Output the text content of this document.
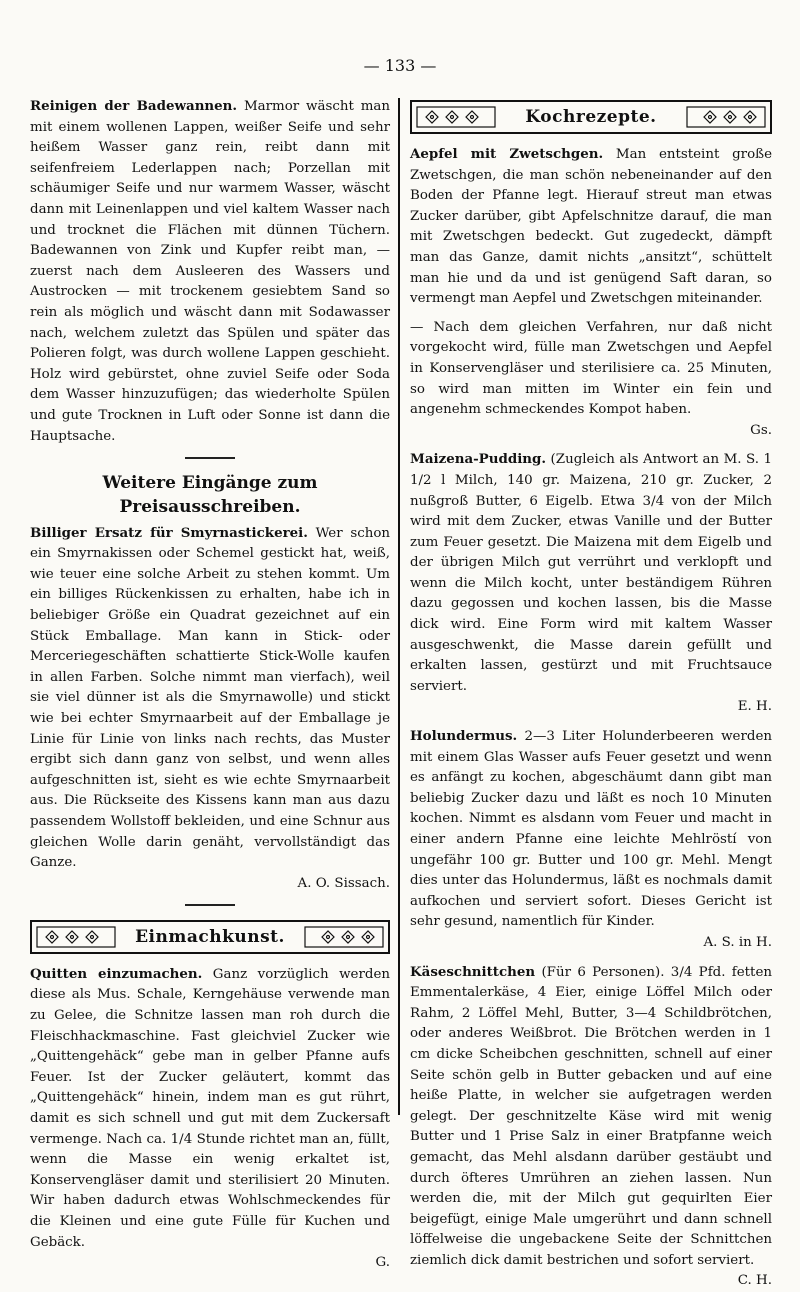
— 133 —

Reinigen der Badewannen. Marmor wäscht man mit einem wollenen Lappen, weißer Seife und sehr heißem Wasser ganz rein, reibt dann mit seifenfreiem Lederlappen nach; Porzellan mit schäumiger Seife und nur warmem Wasser, wäscht dann mit Leinenlappen und viel kaltem Wasser nach und trocknet die Flächen mit dünnen Tüchern. Badewannen von Zink und Kupfer reibt man, — zuerst nach dem Ausleeren des Wassers und Austrocken — mit trockenem gesiebtem Sand so rein als möglich und wäscht dann mit Sodawasser nach, welchem zuletzt das Spülen und später das Polieren folgt, was durch wollene Lappen geschieht. Holz wird gebürstet, ohne zuviel Seife oder Soda dem Wasser hinzuzufügen; das wiederholte Spülen und gute Trocknen in Luft oder Sonne ist dann die Hauptsache.

Weitere Eingänge zum Preisausschreiben.

Billiger Ersatz für Smyrnastickerei. Wer schon ein Smyrnakissen oder Schemel gestickt hat, weiß, wie teuer eine solche Arbeit zu stehen kommt. Um ein billiges Rückenkissen zu erhalten, habe ich in beliebiger Größe ein Quadrat gezeichnet auf ein Stück Emballage. Man kann in Stick- oder Merceriegeschäften schattierte Stick-Wolle kaufen in allen Farben. Solche nimmt man vierfach), weil sie viel dünner ist als die Smyrnawolle) und stickt wie bei echter Smyrnaarbeit auf der Emballage je Linie für Linie von links nach rechts, das Muster ergibt sich dann ganz von selbst, und wenn alles aufgeschnitten ist, sieht es wie echte Smyrnaarbeit aus. Die Rückseite des Kissens kann man aus dazu passendem Wollstoff bekleiden, und eine Schnur aus gleichen Wolle darin genäht, vervollständigt das Ganze.

A. O. Sissach.

Einmachkunst.

Quitten einzumachen. Ganz vorzüglich werden diese als Mus. Schale, Kerngehäuse verwende man zu Gelee, die Schnitze lassen man roh durch die Fleischhackmaschine. Fast gleichviel Zucker wie „Quittengehäck“ gebe man in gelber Pfanne aufs Feuer. Ist der Zucker geläutert, kommt das „Quittengehäck“ hinein, indem man es gut rührt, damit es sich schnell und gut mit dem Zuckersaft vermenge. Nach ca. 1/4 Stunde richtet man an, füllt, wenn die Masse ein wenig erkaltet ist, Konservengläser damit und sterilisiert 20 Minuten. Wir haben dadurch etwas Wohlschmeckendes für die Kleinen und eine gute Fülle für Kuchen und Gebäck.

G.

Kochrezepte.

Aepfel mit Zwetschgen. Man entsteint große Zwetschgen, die man schön nebeneinander auf den Boden der Pfanne legt. Hierauf streut man etwas Zucker darüber, gibt Apfelschnitze darauf, die man mit Zwetschgen bedeckt. Gut zugedeckt, dämpft man das Ganze, damit nichts „ansitzt“, schüttelt man hie und da und ist genügend Saft daran, so vermengt man Aepfel und Zwetschgen miteinander.

— Nach dem gleichen Verfahren, nur daß nicht vorgekocht wird, fülle man Zwetschgen und Aepfel in Konservengläser und sterilisiere ca. 25 Minuten, so wird man mitten im Winter ein fein und angenehm schmeckendes Kompot haben.

Gs.

Maizena-Pudding. (Zugleich als Antwort an M. S. 1 1/2 l Milch, 140 gr. Maizena, 210 gr. Zucker, 2 nußgroß Butter, 6 Eigelb. Etwa 3/4 von der Milch wird mit dem Zucker, etwas Vanille und der Butter zum Feuer gesetzt. Die Maizena mit dem Eigelb und der übrigen Milch gut verrührt und verklopft und wenn die Milch kocht, unter beständigem Rühren dazu gegossen und kochen lassen, bis die Masse dick wird. Eine Form wird mit kaltem Wasser ausgeschwenkt, die Masse darein gefüllt und erkalten lassen, gestürzt und mit Fruchtsauce serviert.

E. H.

Holundermus. 2—3 Liter Holunderbeeren werden mit einem Glas Wasser aufs Feuer gesetzt und wenn es anfängt zu kochen, abgeschäumt dann gibt man beliebig Zucker dazu und läßt es noch 10 Minuten kochen. Nimmt es alsdann vom Feuer und macht in einer andern Pfanne eine leichte Mehlröstí von ungefähr 100 gr. Butter und 100 gr. Mehl. Mengt dies unter das Holundermus, läßt es nochmals damit aufkochen und serviert sofort. Dieses Gericht ist sehr gesund, namentlich für Kinder.

A. S. in H.

Käseschnittchen (Für 6 Personen). 3/4 Pfd. fetten Emmentalerkäse, 4 Eier, einige Löffel Milch oder Rahm, 2 Löffel Mehl, Butter, 3—4 Schildbrötchen, oder anderes Weißbrot. Die Brötchen werden in 1 cm dicke Scheibchen geschnitten, schnell auf einer Seite schön gelb in Butter gebacken und auf eine heiße Platte, in welcher sie aufgetragen werden gelegt. Der geschnitzelte Käse wird mit wenig Butter und 1 Prise Salz in einer Bratpfanne weich gemacht, das Mehl alsdann darüber gestäubt und durch öfteres Umrühren an ziehen lassen. Nun werden die, mit der Milch gut gequirlten Eier beigefügt, einige Male umgerührt und dann schnell löffelweise die ungebackene Seite der Schnittchen ziemlich dick damit bestrichen und sofort serviert.

C. H.
